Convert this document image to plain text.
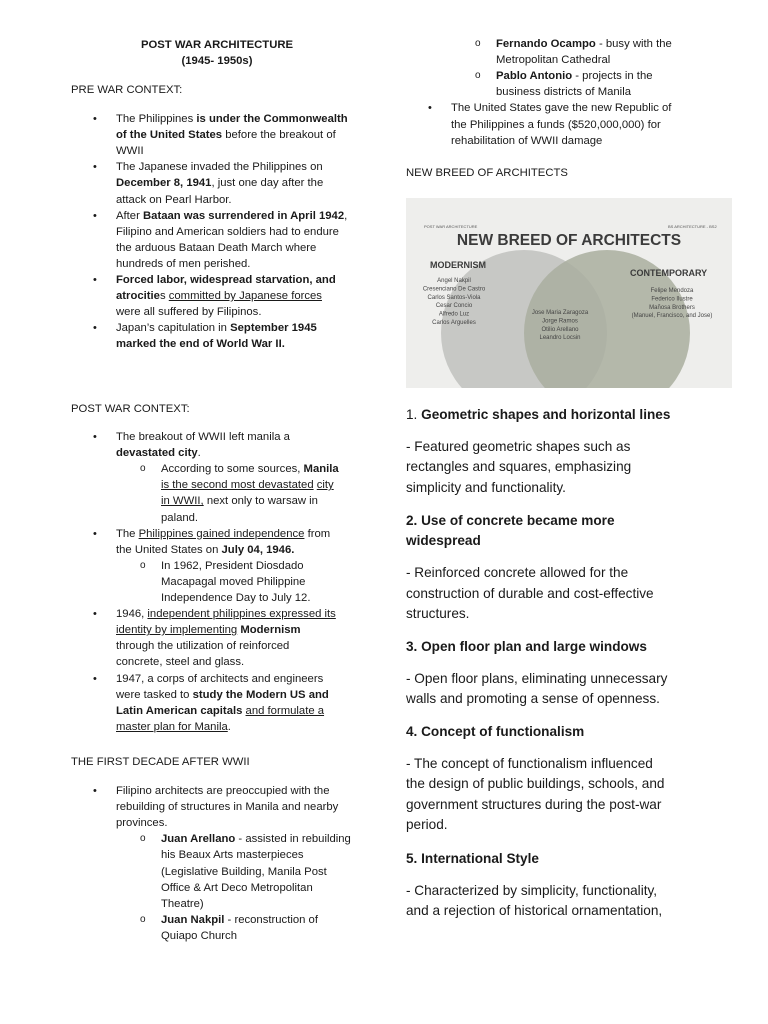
POST WAR ARCHITECTURE
(1945- 1950s)
PRE WAR CONTEXT:
•	The Philippines is under the Commonwealth
of the United States before the breakout of
WWII
•	The Japanese invaded the Philippines on
December 8, 1941, just one day after the
attack on Pearl Harbor.
•	After Bataan was surrendered in April 1942,
Filipino and American soldiers had to endure
the arduous Bataan Death March where
hundreds of men perished.
•	Forced labor, widespread starvation, and
atrocities committed by Japanese forces
were all suffered by Filipinos.
•	Japan’s capitulation in September 1945
marked the end of World War II.
POST WAR CONTEXT:
•	The breakout of WWII left manila a
devastated city.
o According to some sources, Manila
is the second most devastated city
in WWII, next only to warsaw in
paland.
•	The Philippines gained independence from
the United States on July 04, 1946.
o In 1962, President Diosdado
Macapagal moved Philippine
Independence Day to July 12.
•	1946, independent philippines expressed its
identity by implementing Modernism
through the utilization of reinforced
concrete, steel and glass.
•	1947, a corps of architects and engineers
were tasked to study the Modern US and
Latin American capitals and formulate a
master plan for Manila.
THE FIRST DECADE AFTER WWII
•	Filipino architects are preoccupied with the
rebuilding of structures in Manila and nearby
provinces.
o Juan Arellano - assisted in rebuilding
his Beaux Arts masterpieces
(Legislative Building, Manila Post
Office & Art Deco Metropolitan
Theatre)
o Juan Nakpil - reconstruction of
Quiapo Church
o Fernando Ocampo - busy with the
Metropolitan Cathedral
o Pablo Antonio - projects in the
business districts of Manila
•	The United States gave the new Republic of
the Philippines a funds ($520,000,000) for
rehabilitation of WWII damage
NEW BREED OF ARCHITECTS
POST WAR ARCHITECTURE	BS ARCHITECTURE - BS2
NEW BREED OF ARCHITECTS
MODERNISM
CONTEMPORARY
Angel Nakpil
Cresenciano De Castro
Carlos Santos-Viola
Cesar Concio
Alfredo Luz
Carlos Arguelles
Jose Maria Zaragoza
Jorge Ramos
Otilio Arellano
Leandro Locsin
Felipe Mendoza
Federico Ilustre
Mañosa Brothers
(Manuel, Francisco, and Jose)
1. Geometric shapes and horizontal lines
- Featured geometric shapes such as
rectangles and squares, emphasizing
simplicity and functionality.
2. Use of concrete became more
widespread
- Reinforced concrete allowed for the
construction of durable and cost-effective
structures.
3. Open floor plan and large windows
- Open floor plans, eliminating unnecessary
walls and promoting a sense of openness.
4. Concept of functionalism
- The concept of functionalism influenced
the design of public buildings, schools, and
government structures during the post-war
period.
5. International Style
- Characterized by simplicity, functionality,
and a rejection of historical ornamentation,
